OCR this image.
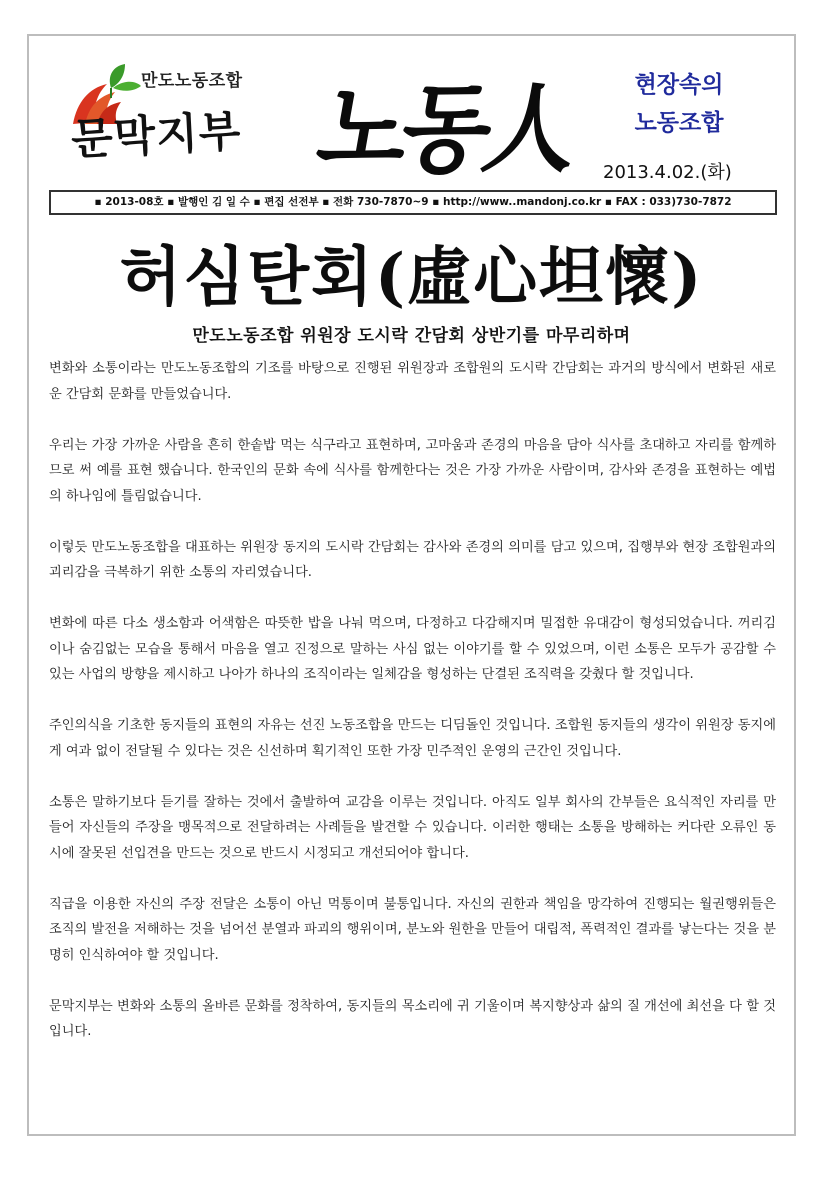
만도노동조합
문막지부 노동人	현장속의
노동조합
2013.4.02.(화)
▪ 2013-08호 ▪ 발행인 김 일 수 ▪ 편집 선전부 ▪ 전화 730-7870~9 ▪ http://www..mandonj.co.kr ▪ FAX : 033)730-7872
허심탄회(虛心坦懷)
만도노동조합 위원장 도시락 간담회 상반기를 마무리하며

변화와 소통이라는 만도노동조합의 기조를 바탕으로 진행된 위원장과 조합원의 도시락 간담회는 과거의 방식에서 변화된 새로운 간담회 문화를 만들었습니다.

우리는 가장 가까운 사람을 흔히 한솥밥 먹는 식구라고 표현하며, 고마움과 존경의 마음을 담아 식사를 초대하고 자리를 함께하므로 써 예를 표현 했습니다. 한국인의 문화 속에 식사를 함께한다는 것은 가장 가까운 사람이며, 감사와 존경을 표현하는 예법의 하나임에 틀림없습니다.

이렇듯 만도노동조합을 대표하는 위원장 동지의 도시락 간담회는 감사와 존경의 의미를 담고 있으며, 집행부와 현장 조합원과의 괴리감을 극복하기 위한 소통의 자리였습니다.

변화에 따른 다소 생소함과 어색함은 따뜻한 밥을 나눠 먹으며, 다정하고 다감해지며 밀접한 유대감이 형성되었습니다. 꺼리김이나 숨김없는 모습을 통해서 마음을 열고 진정으로 말하는 사심 없는 이야기를 할 수 있었으며, 이런 소통은 모두가 공감할 수 있는 사업의 방향을 제시하고 나아가 하나의 조직이라는 일체감을 형성하는 단결된 조직력을 갖췄다 할 것입니다.

주인의식을 기초한 동지들의 표현의 자유는 선진 노동조합을 만드는 디딤돌인 것입니다. 조합원 동지들의 생각이 위원장 동지에게 여과 없이 전달될 수 있다는 것은 신선하며 획기적인 또한 가장 민주적인 운영의 근간인 것입니다.

소통은 말하기보다 듣기를 잘하는 것에서 출발하여 교감을 이루는 것입니다. 아직도 일부 회사의 간부들은 요식적인 자리를 만들어 자신들의 주장을 맹목적으로 전달하려는 사례들을 발견할 수 있습니다. 이러한 행태는 소통을 방해하는 커다란 오류인 동시에 잘못된 선입견을 만드는 것으로 반드시 시정되고 개선되어야 합니다.

직급을 이용한 자신의 주장 전달은 소통이 아닌 먹통이며 불통입니다. 자신의 권한과 책임을 망각하여 진행되는 월권행위들은 조직의 발전을 저해하는 것을 넘어선 분열과 파괴의 행위이며, 분노와 원한을 만들어 대립적, 폭력적인 결과를 낳는다는 것을 분명히 인식하여야 할 것입니다.

문막지부는 변화와 소통의 올바른 문화를 정착하여, 동지들의 목소리에 귀 기울이며 복지향상과 삶의 질 개선에 최선을 다 할 것입니다.
